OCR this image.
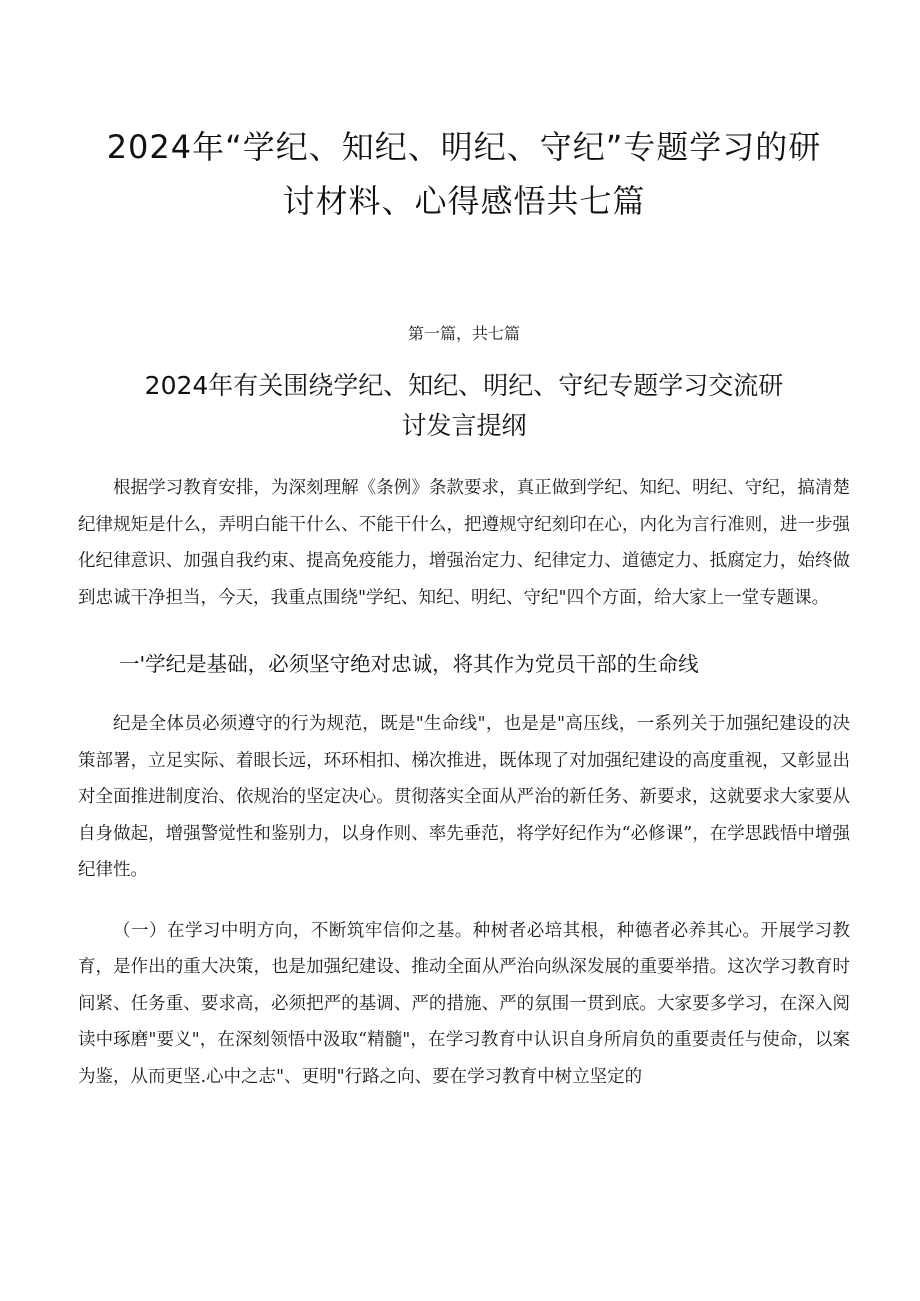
2024年“学纪、知纪、明纪、守纪”专题学习的研
讨材料、心得感悟共七篇
第一篇，共七篇
2024年有关围绕学纪、知纪、明纪、守纪专题学习交流研
讨发言提纲

根据学习教育安排，为深刻理解《条例》条款要求，真正做到学纪、知纪、明纪、守纪，搞清楚纪律规矩是什么，弄明白能干什么、不能干什么，把遵规守纪刻印在心，内化为言行准则，进一步强化纪律意识、加强自我约束、提高免疫能力，增强治定力、纪律定力、道德定力、抵腐定力，始终做到忠诚干净担当，今天，我重点围绕"学纪、知纪、明纪、守纪"四个方面，给大家上一堂专题课。

一'学纪是基础，必须坚守绝对忠诚，将其作为党员干部的生命线

纪是全体员必须遵守的行为规范，既是"生命线"，也是是"高压线，一系列关于加强纪建设的决策部署，立足实际、着眼长远，环环相扣、梯次推进，既体现了对加强纪建设的高度重视，又彰显出对全面推进制度治、依规治的坚定决心。贯彻落实全面从严治的新任务、新要求，这就要求大家要从自身做起，增强警觉性和鉴别力，以身作则、率先垂范，将学好纪作为“必修课”，在学思践悟中增强纪律性。

（一）在学习中明方向，不断筑牢信仰之基。种树者必培其根，种德者必养其心。开展学习教育，是作出的重大决策，也是加强纪建设、推动全面从严治向纵深发展的重要举措。这次学习教育时间紧、任务重、要求高，必须把严的基调、严的措施、严的氛围一贯到底。大家要多学习，在深入阅读中琢磨"要义"，在深刻领悟中汲取“精髓"，在学习教育中认识自身所肩负的重要责任与使命，以案为鉴，从而更坚.心中之志"、更明"行路之向、要在学习教育中树立坚定的
